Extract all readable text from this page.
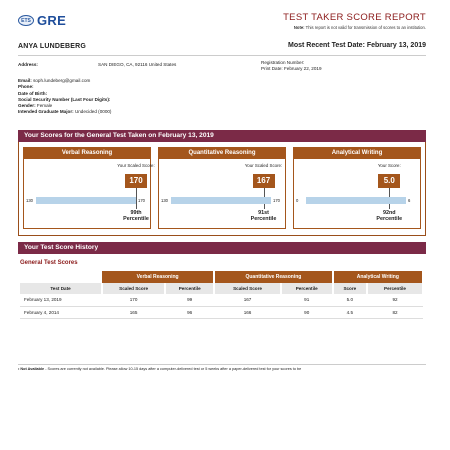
ETS GRE	TEST TAKER SCORE REPORT
Note: This report is not valid for transmission of scores to an institution.
ANYA LUNDEBERG	Most Recent Test Date: February 13, 2019
Address:	SAN DIEGO, CA, 92116 United States	Registration Number:
Print Date: February 22, 2019
Email: soph.lundeberg@gmail.com
Phone:
Date of Birth:
Social Security Number (Last Four Digits):
Gender: Female
Intended Graduate Major: Undecided (0000)
Your Scores for the General Test Taken on February 13, 2019
Verbal Reasoning
Your Scaled Score:
170
130	170
99th
Percentile
Quantitative Reasoning
Your Scaled Score:
167
130	170
91st
Percentile
Analytical Writing
Your Score:
5.0
0	6
92nd
Percentile
Your Test Score History
General Test Scores
	Verbal Reasoning		Quantitative Reasoning		Analytical Writing	
Test Date	Scaled Score	Percentile	Scaled Score	Percentile	Score	Percentile
February 13, 2019	170	99	167	91	5.0	92
February 4, 2014	165	96	166	90	4.5	82
• Not Available - Scores are currently not available. Please allow 10-15 days after a computer-delivered test or 5 weeks after a paper-delivered test for your scores to be
